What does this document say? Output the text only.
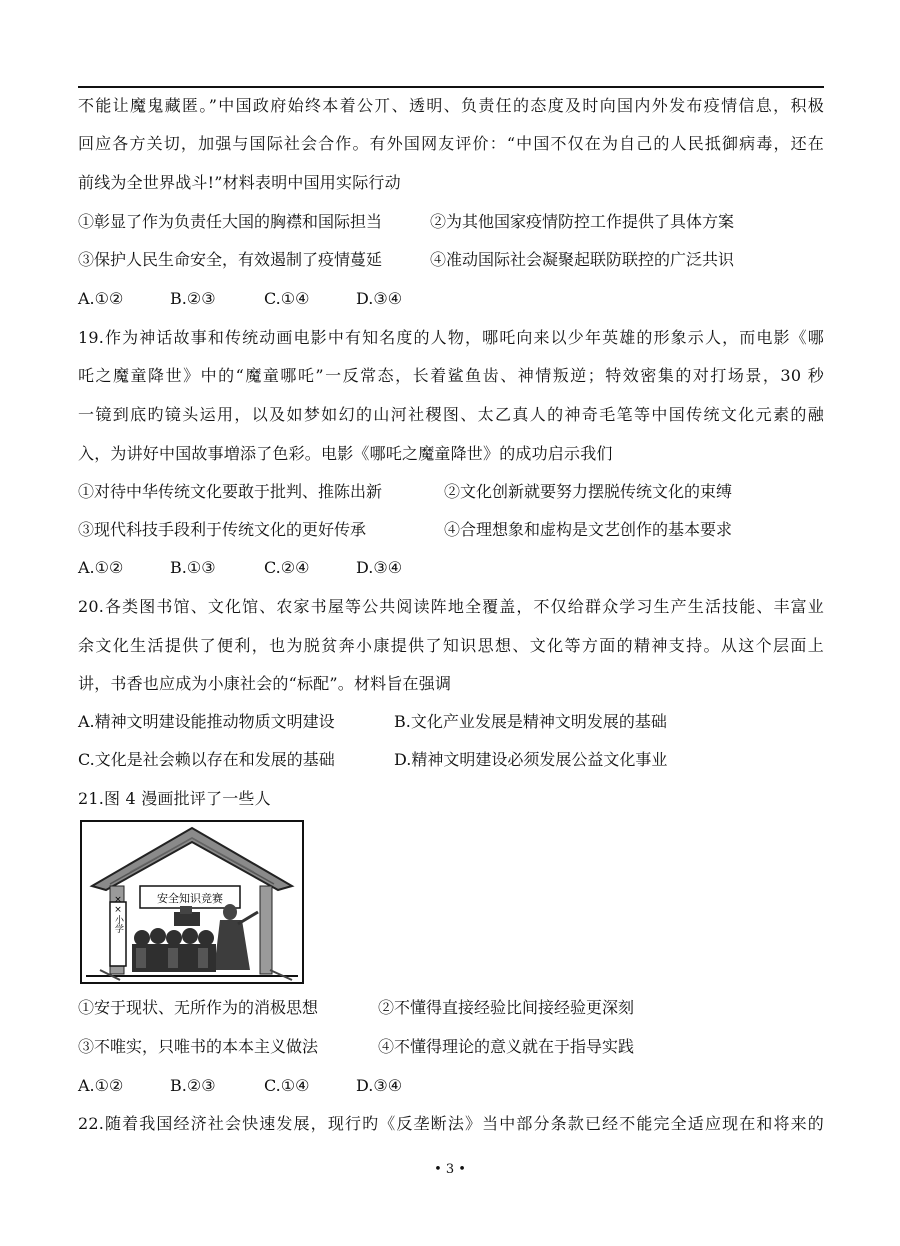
不能让魔鬼藏匿。”中国政府始终本着公丌、透明、负责仼的态度及时向国内外发布疫情信息，积极
回应各方关切，加强与国际社会合作。有外国网友评价：“中国不仅在为自己的人民抵御病毒，还在
前线为全世界战斗!”材料表明中国用实际行动
①彰显了作为负责任大国的胸襟和国际担当	②为其他国家疫情防控工作提供了具体方案
③保护人民生命安全，有效遏制了疫情蔓延	④准动国际社会凝聚起联防联控的广泛共识
A.①②	B.②③	C.①④	D.③④
19.作为神话故事和传统动画电影中有知名度的人物，哪吒向来以少年英雄的形象示人，而电影《哪
吒之魔童降世》中的“魔童哪吒”一反常态，长着鲨鱼齿、神情叛逆；特效密集的对打场景，30 秒
一镜到底旳镜头运用，以及如梦如幻的山河社稷图、太乙真人的神奇毛笔等中国传统文化元素的融
入，为讲好中国故事増添了色彩。电影《哪吒之魔童降世》的成功启示我们
①对待中华传统文化要敢于批判、推陈出新	②文化创新就要努力摆脱传统文化的束缚
③现代科技手段利于传统文化的更好传承	④合理想象和虚构是文艺创作的基本要求
A.①②	B.①③	C.②④	D.③④
20.各类图书馆、文化馆、农家书屋等公共阅读阵地全覆盖，不仅给群众学习生产生活技能、丰富业
余文化生活提供了便利，也为脱贫奔小康提供了知识思想、文化等方面的精神支持。从这个层面上
讲，书香也应成为小康社会的“标配”。材料旨在强调
A.精神文明建设能推动物质文明建设	B.文化产业发展是精神文明发展的基础
C.文化是社会赖以存在和发展的基础	D.精神文明建设必须发展公益文化事业
21.图 4 漫画批评了一些人
××小学	安全知识竞赛
①安于现状、无所作为的消极思想	②不懂得直接经验比间接经验更深刻
③不唯实，只唯书的本本主义做法	④不懂得理论的意义就在于指导实践
A.①②	B.②③	C.①④	D.③④
22.随着我国经济社会快速发展，现行旳《反垄断法》当中部分条款已经不能完全适应现在和将来的
• 3 •
